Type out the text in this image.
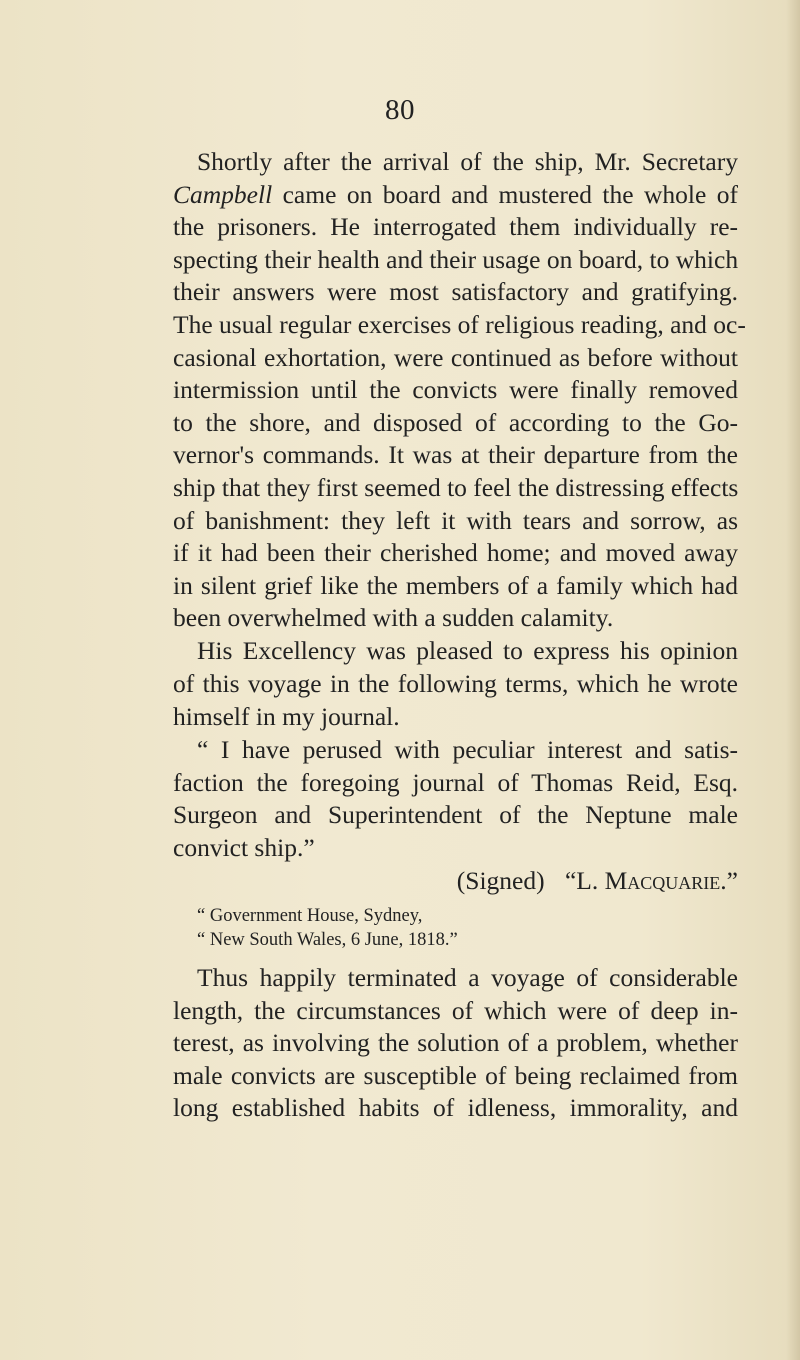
80
Shortly after the arrival of the ship, Mr. Secretary
Campbell came on board and mustered the whole of
the prisoners. He interrogated them individually re-
specting their health and their usage on board, to which
their answers were most satisfactory and gratifying.
The usual regular exercises of religious reading, and oc-
casional exhortation, were continued as before without
intermission until the convicts were finally removed
to the shore, and disposed of according to the Go-
vernor's commands. It was at their departure from the
ship that they first seemed to feel the distressing effects
of banishment: they left it with tears and sorrow, as
if it had been their cherished home; and moved away
in silent grief like the members of a family which had
been overwhelmed with a sudden calamity.
His Excellency was pleased to express his opinion
of this voyage in the following terms, which he wrote
himself in my journal.
“ I have perused with peculiar interest and satis-
faction the foregoing journal of Thomas Reid, Esq.
Surgeon and Superintendent of the Neptune male
convict ship.”
(Signed) “L. Macquarie.”
“ Government House, Sydney,
“ New South Wales, 6 June, 1818.”
Thus happily terminated a voyage of considerable
length, the circumstances of which were of deep in-
terest, as involving the solution of a problem, whether
male convicts are susceptible of being reclaimed from
long established habits of idleness, immorality, and
